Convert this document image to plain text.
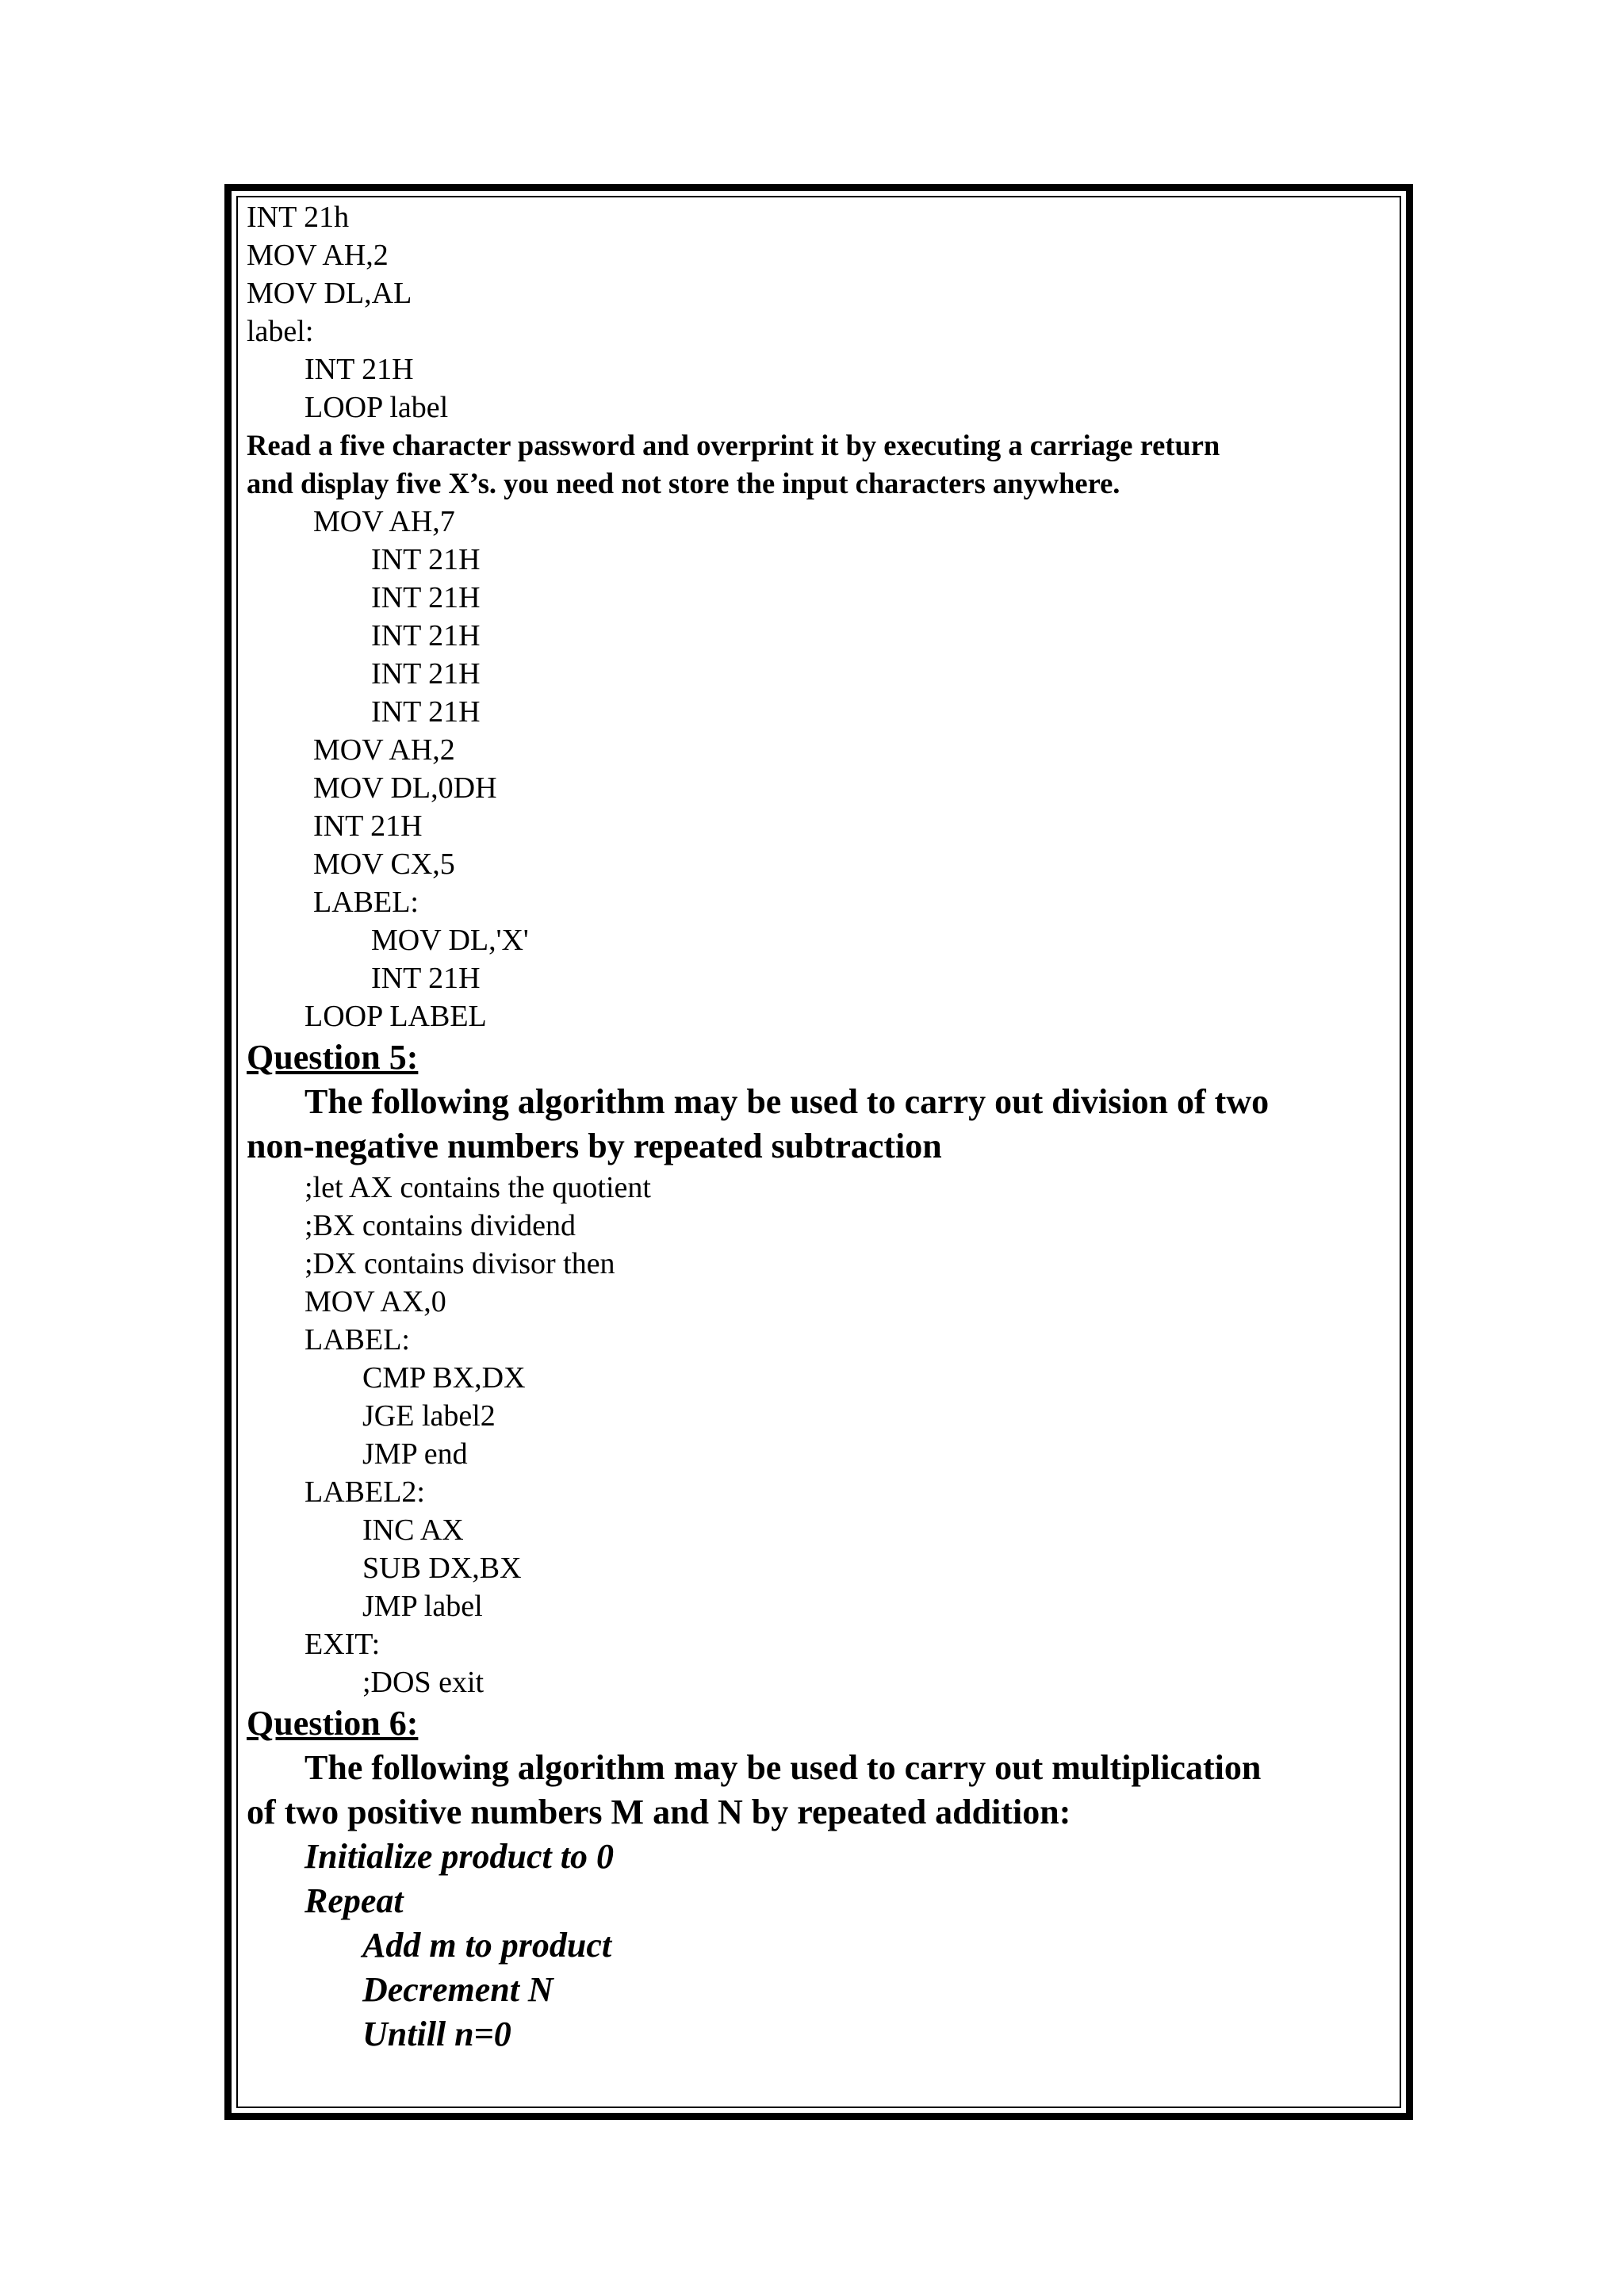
INT 21h
MOV AH,2
MOV DL,AL
label:
INT 21H
LOOP label
Read a five character password and overprint it by executing a carriage return
and display five X’s. you need not store the input characters anywhere.
MOV AH,7
INT 21H
INT 21H
INT 21H
INT 21H
INT 21H
MOV AH,2
MOV DL,0DH
INT 21H
MOV CX,5
LABEL:
MOV DL,'X'
INT 21H
LOOP LABEL
Question 5:
The following algorithm may be used to carry out division of two
non-negative numbers by repeated subtraction
;let AX contains the quotient
;BX contains dividend
;DX contains divisor then
MOV AX,0
LABEL:
CMP BX,DX
JGE label2
JMP end
LABEL2:
INC AX
SUB DX,BX
JMP label
EXIT:
;DOS exit
Question 6:
The following algorithm may be used to carry out multiplication
of two positive numbers M and N by repeated addition:
Initialize product to 0
Repeat
Add m to product
Decrement N
Untill n=0
